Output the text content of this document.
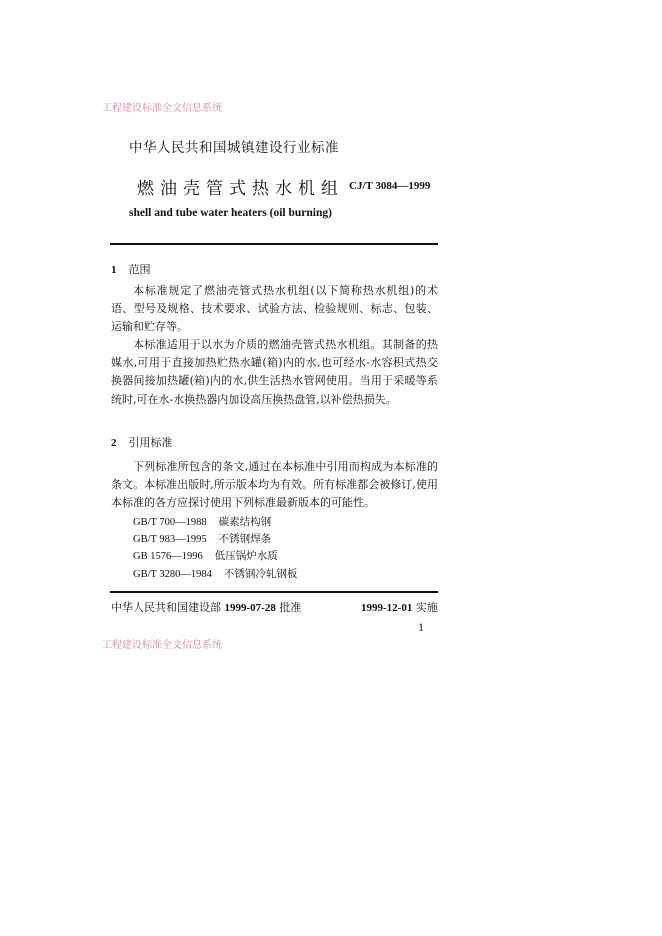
工程建设标准全文信息系统
中华人民共和国城镇建设行业标准
燃油壳管式热水机组 CJ/T 3084—1999
shell and tube water heaters (oil burning)
1 范围
本标准规定了燃油壳管式热水机组(以下简称热水机组)的术语、型号及规格、技术要求、试验方法、检验规则、标志、包装、运输和贮存等。
本标准适用于以水为介质的燃油壳管式热水机组。其制备的热媒水,可用于直接加热贮热水罐(箱)内的水,也可经水-水容积式热交换器间接加热罐(箱)内的水,供生活热水管网使用。当用于采暖等系统时,可在水-水换热器内加设高压换热盘管,以补偿热损失。
2 引用标准
下列标准所包含的条文,通过在本标准中引用而构成为本标准的条文。本标准出版时,所示版本均为有效。所有标准都会被修订,使用本标准的各方应探讨使用下列标准最新版本的可能性。
GB/T 700—1988 碳素结构钢
GB/T 983—1995 不锈钢焊条
GB 1576—1996 低压锅炉水质
GB/T 3280—1984 不锈钢冷轧钢板
中华人民共和国建设部 1999-07-28 批准	1999-12-01 实施
1
工程建设标准全文信息系统
